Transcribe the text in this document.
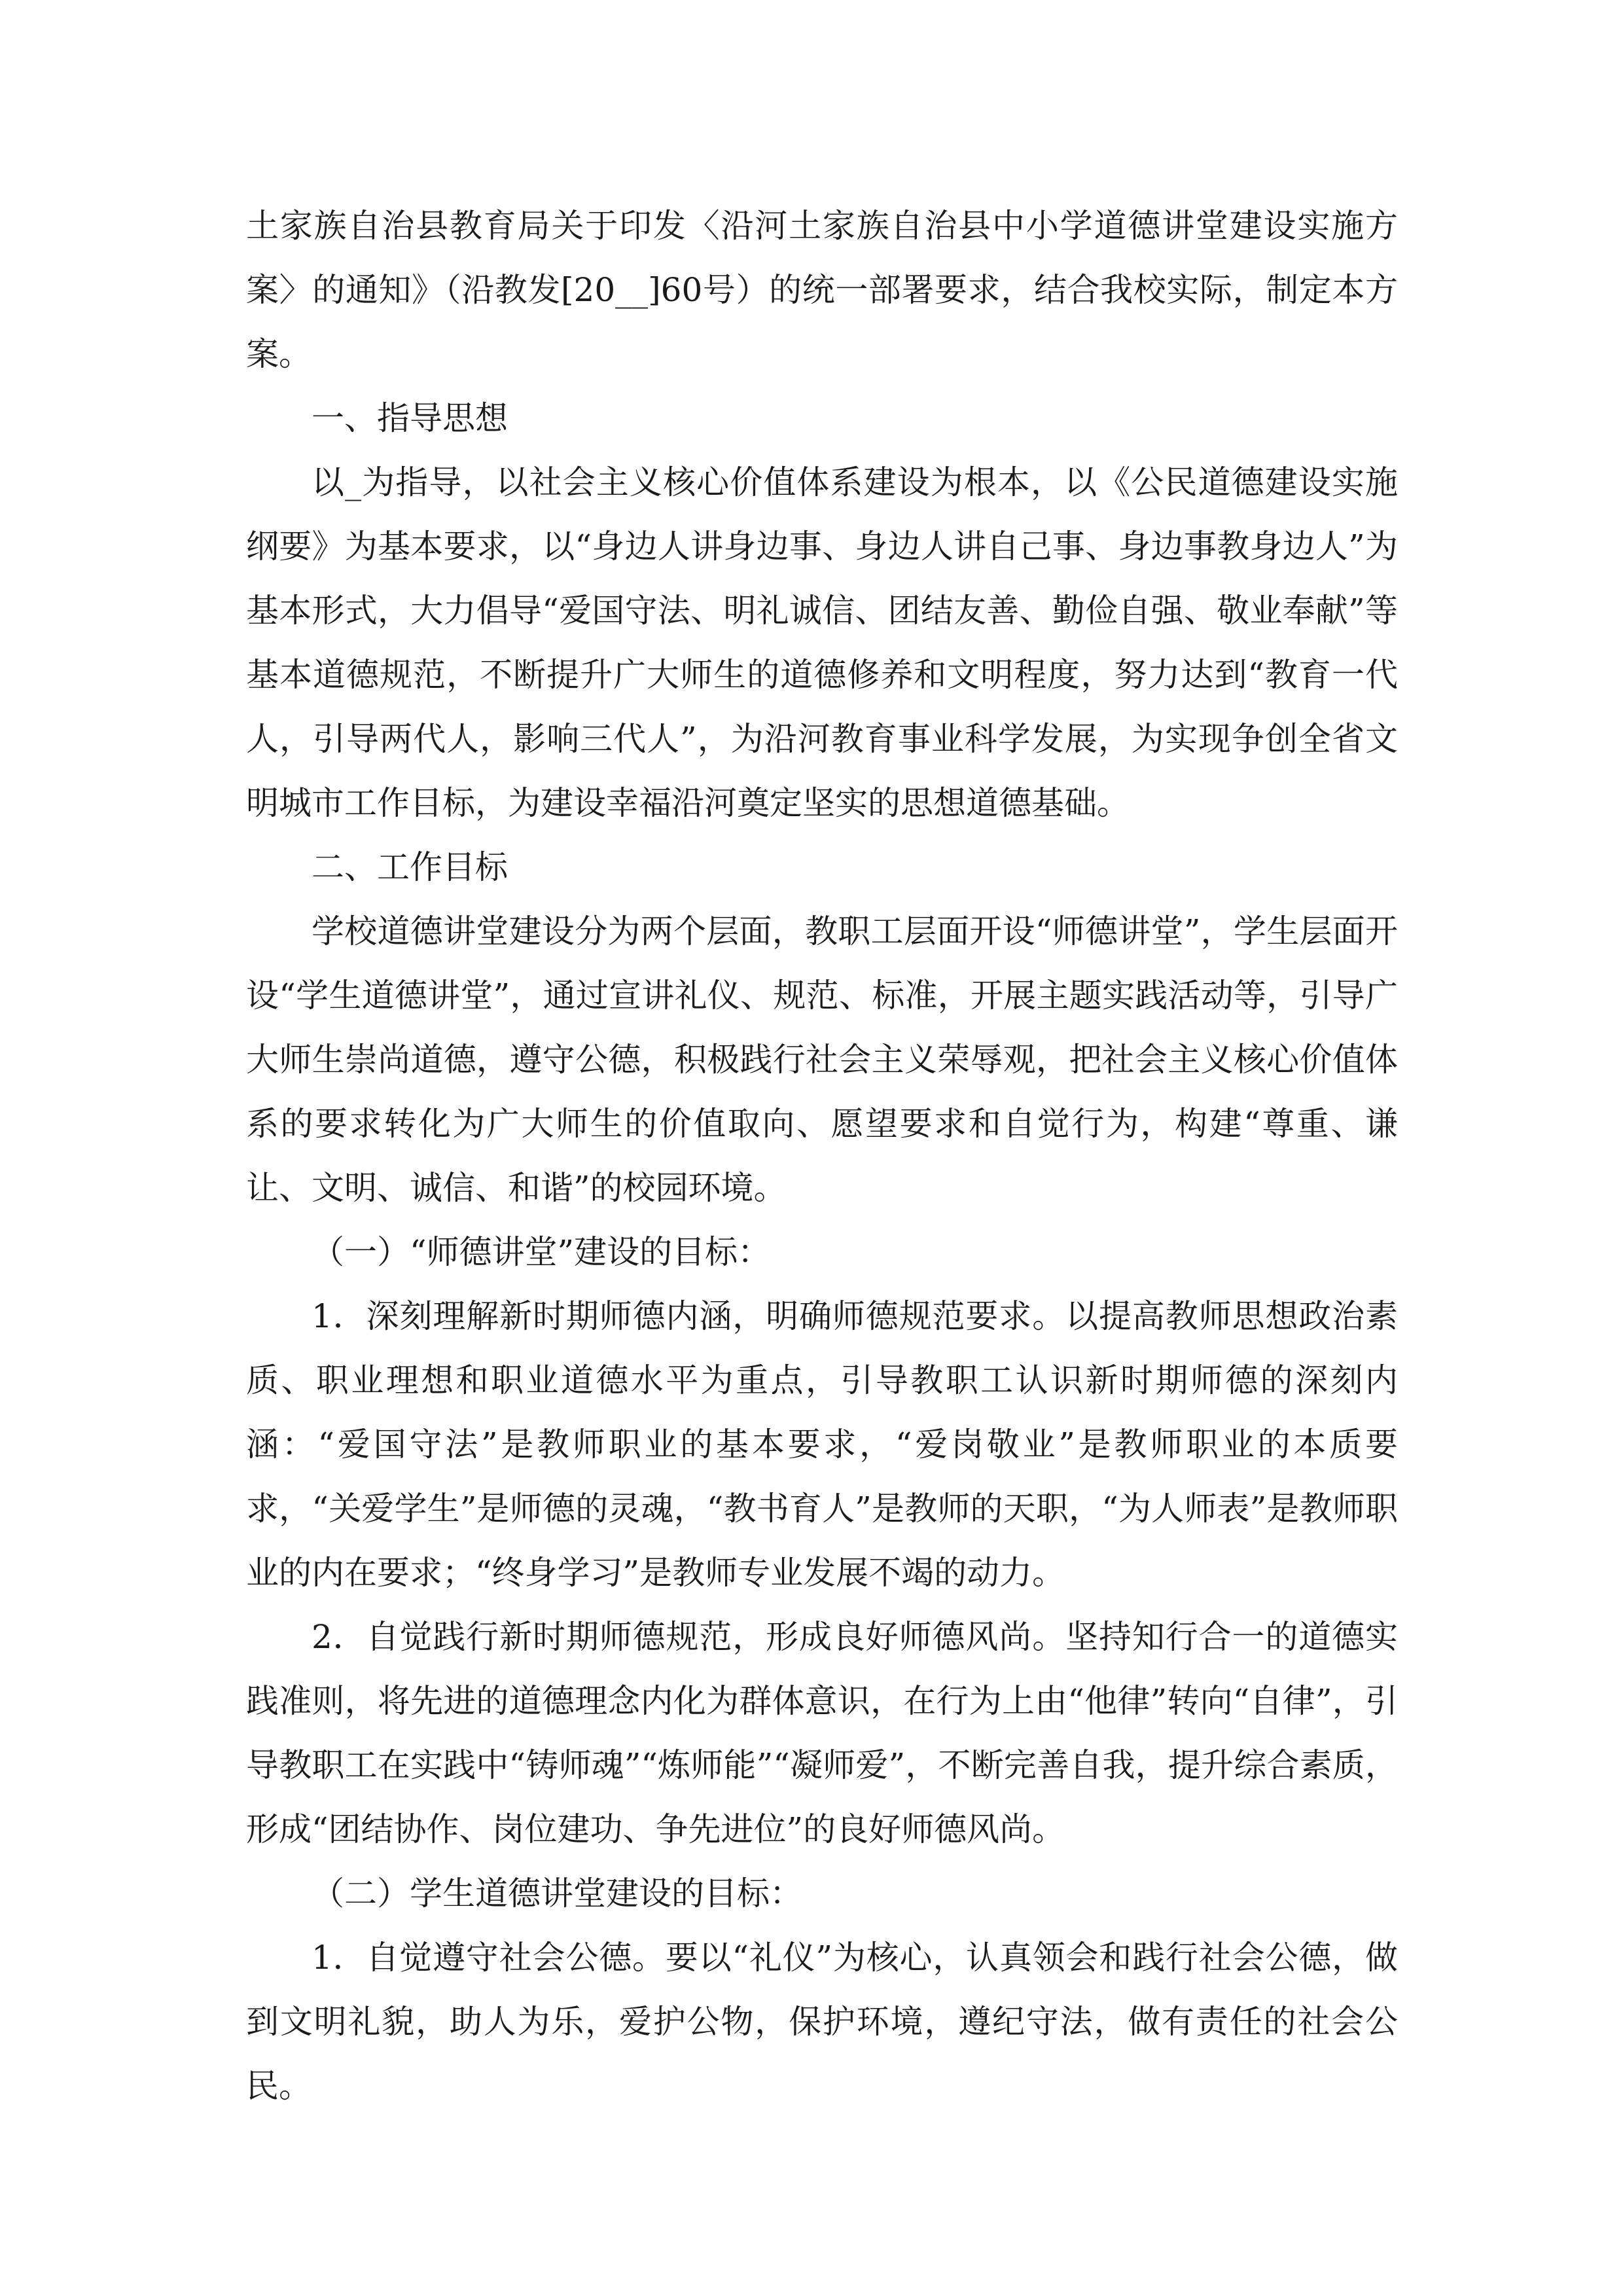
土家族自治县教育局关于印发〈沿河土家族自治县中小学道德讲堂建设实施方案〉的通知》（沿教发[20__]60号）的统一部署要求，结合我校实际，制定本方案。

一、指导思想

以_为指导，以社会主义核心价值体系建设为根本，以《公民道德建设实施纲要》为基本要求，以“身边人讲身边事、身边人讲自己事、身边事教身边人”为基本形式，大力倡导“爱国守法、明礼诚信、团结友善、勤俭自强、敬业奉献”等基本道德规范，不断提升广大师生的道德修养和文明程度，努力达到“教育一代人，引导两代人，影响三代人”，为沿河教育事业科学发展，为实现争创全省文明城市工作目标，为建设幸福沿河奠定坚实的思想道德基础。

二、工作目标

学校道德讲堂建设分为两个层面，教职工层面开设“师德讲堂”，学生层面开设“学生道德讲堂”，通过宣讲礼仪、规范、标准，开展主题实践活动等，引导广大师生崇尚道德，遵守公德，积极践行社会主义荣辱观，把社会主义核心价值体系的要求转化为广大师生的价值取向、愿望要求和自觉行为，构建“尊重、谦让、文明、诚信、和谐”的校园环境。

（一）“师德讲堂”建设的目标：

1．深刻理解新时期师德内涵，明确师德规范要求。以提高教师思想政治素质、职业理想和职业道德水平为重点，引导教职工认识新时期师德的深刻内涵：“爱国守法”是教师职业的基本要求，“爱岗敬业”是教师职业的本质要求，“关爱学生”是师德的灵魂，“教书育人”是教师的天职，“为人师表”是教师职业的内在要求；“终身学习”是教师专业发展不竭的动力。

2．自觉践行新时期师德规范，形成良好师德风尚。坚持知行合一的道德实践准则，将先进的道德理念内化为群体意识，在行为上由“他律”转向“自律”，引导教职工在实践中“铸师魂”“炼师能”“凝师爱”，不断完善自我，提升综合素质，形成“团结协作、岗位建功、争先进位”的良好师德风尚。

（二）学生道德讲堂建设的目标：

1．自觉遵守社会公德。要以“礼仪”为核心，认真领会和践行社会公德，做到文明礼貌，助人为乐，爱护公物，保护环境，遵纪守法，做有责任的社会公民。
